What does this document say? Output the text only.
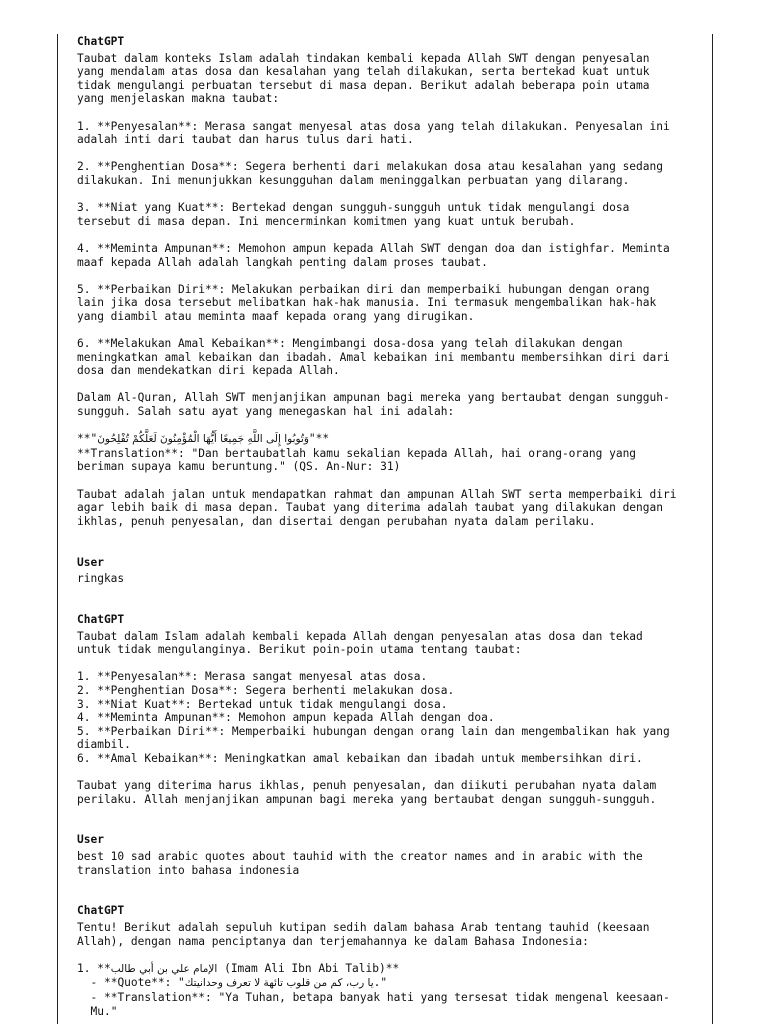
ChatGPT

Taubat dalam konteks Islam adalah tindakan kembali kepada Allah SWT dengan penyesalan
yang mendalam atas dosa dan kesalahan yang telah dilakukan, serta bertekad kuat untuk
tidak mengulangi perbuatan tersebut di masa depan. Berikut adalah beberapa poin utama
yang menjelaskan makna taubat:

1. **Penyesalan**: Merasa sangat menyesal atas dosa yang telah dilakukan. Penyesalan ini
adalah inti dari taubat dan harus tulus dari hati.

2. **Penghentian Dosa**: Segera berhenti dari melakukan dosa atau kesalahan yang sedang
dilakukan. Ini menunjukkan kesungguhan dalam meninggalkan perbuatan yang dilarang.

3. **Niat yang Kuat**: Bertekad dengan sungguh-sungguh untuk tidak mengulangi dosa
tersebut di masa depan. Ini mencerminkan komitmen yang kuat untuk berubah.

4. **Meminta Ampunan**: Memohon ampun kepada Allah SWT dengan doa dan istighfar. Meminta
maaf kepada Allah adalah langkah penting dalam proses taubat.

5. **Perbaikan Diri**: Melakukan perbaikan diri dan memperbaiki hubungan dengan orang
lain jika dosa tersebut melibatkan hak-hak manusia. Ini termasuk mengembalikan hak-hak
yang diambil atau meminta maaf kepada orang yang dirugikan.

6. **Melakukan Amal Kebaikan**: Mengimbangi dosa-dosa yang telah dilakukan dengan
meningkatkan amal kebaikan dan ibadah. Amal kebaikan ini membantu membersihkan diri dari
dosa dan mendekatkan diri kepada Allah.

Dalam Al-Quran, Allah SWT menjanjikan ampunan bagi mereka yang bertaubat dengan sungguh-
sungguh. Salah satu ayat yang menegaskan hal ini adalah:

**"وَتُوبُوا إِلَى اللَّهِ جَمِيعًا أَيُّهَا الْمُؤْمِنُونَ لَعَلَّكُمْ تُفْلِحُونَ"**

**Translation**: "Dan bertaubatlah kamu sekalian kepada Allah, hai orang-orang yang
beriman supaya kamu beruntung." (QS. An-Nur: 31)

Taubat adalah jalan untuk mendapatkan rahmat dan ampunan Allah SWT serta memperbaiki diri
agar lebih baik di masa depan. Taubat yang diterima adalah taubat yang dilakukan dengan
ikhlas, penuh penyesalan, dan disertai dengan perubahan nyata dalam perilaku.

User

ringkas

ChatGPT

Taubat dalam Islam adalah kembali kepada Allah dengan penyesalan atas dosa dan tekad
untuk tidak mengulanginya. Berikut poin-poin utama tentang taubat:

1. **Penyesalan**: Merasa sangat menyesal atas dosa.
2. **Penghentian Dosa**: Segera berhenti melakukan dosa.
3. **Niat Kuat**: Bertekad untuk tidak mengulangi dosa.
4. **Meminta Ampunan**: Memohon ampun kepada Allah dengan doa.
5. **Perbaikan Diri**: Memperbaiki hubungan dengan orang lain dan mengembalikan hak yang
diambil.
6. **Amal Kebaikan**: Meningkatkan amal kebaikan dan ibadah untuk membersihkan diri.

Taubat yang diterima harus ikhlas, penuh penyesalan, dan diikuti perubahan nyata dalam
perilaku. Allah menjanjikan ampunan bagi mereka yang bertaubat dengan sungguh-sungguh.

User

best 10 sad arabic quotes about tauhid with the creator names and in arabic with the
translation into bahasa indonesia

ChatGPT

Tentu! Berikut adalah sepuluh kutipan sedih dalam bahasa Arab tentang tauhid (keesaan
Allah), dengan nama penciptanya dan terjemahannya ke dalam Bahasa Indonesia:

1. **الإمام علي بن أبي طالب (Imam Ali Ibn Abi Talib)**
- **Quote**: "يا رب، كم من قلوب تائهة لا تعرف وحدانيتك."
- **Translation**: "Ya Tuhan, betapa banyak hati yang tersesat tidak mengenal keesaan-
Mu."
